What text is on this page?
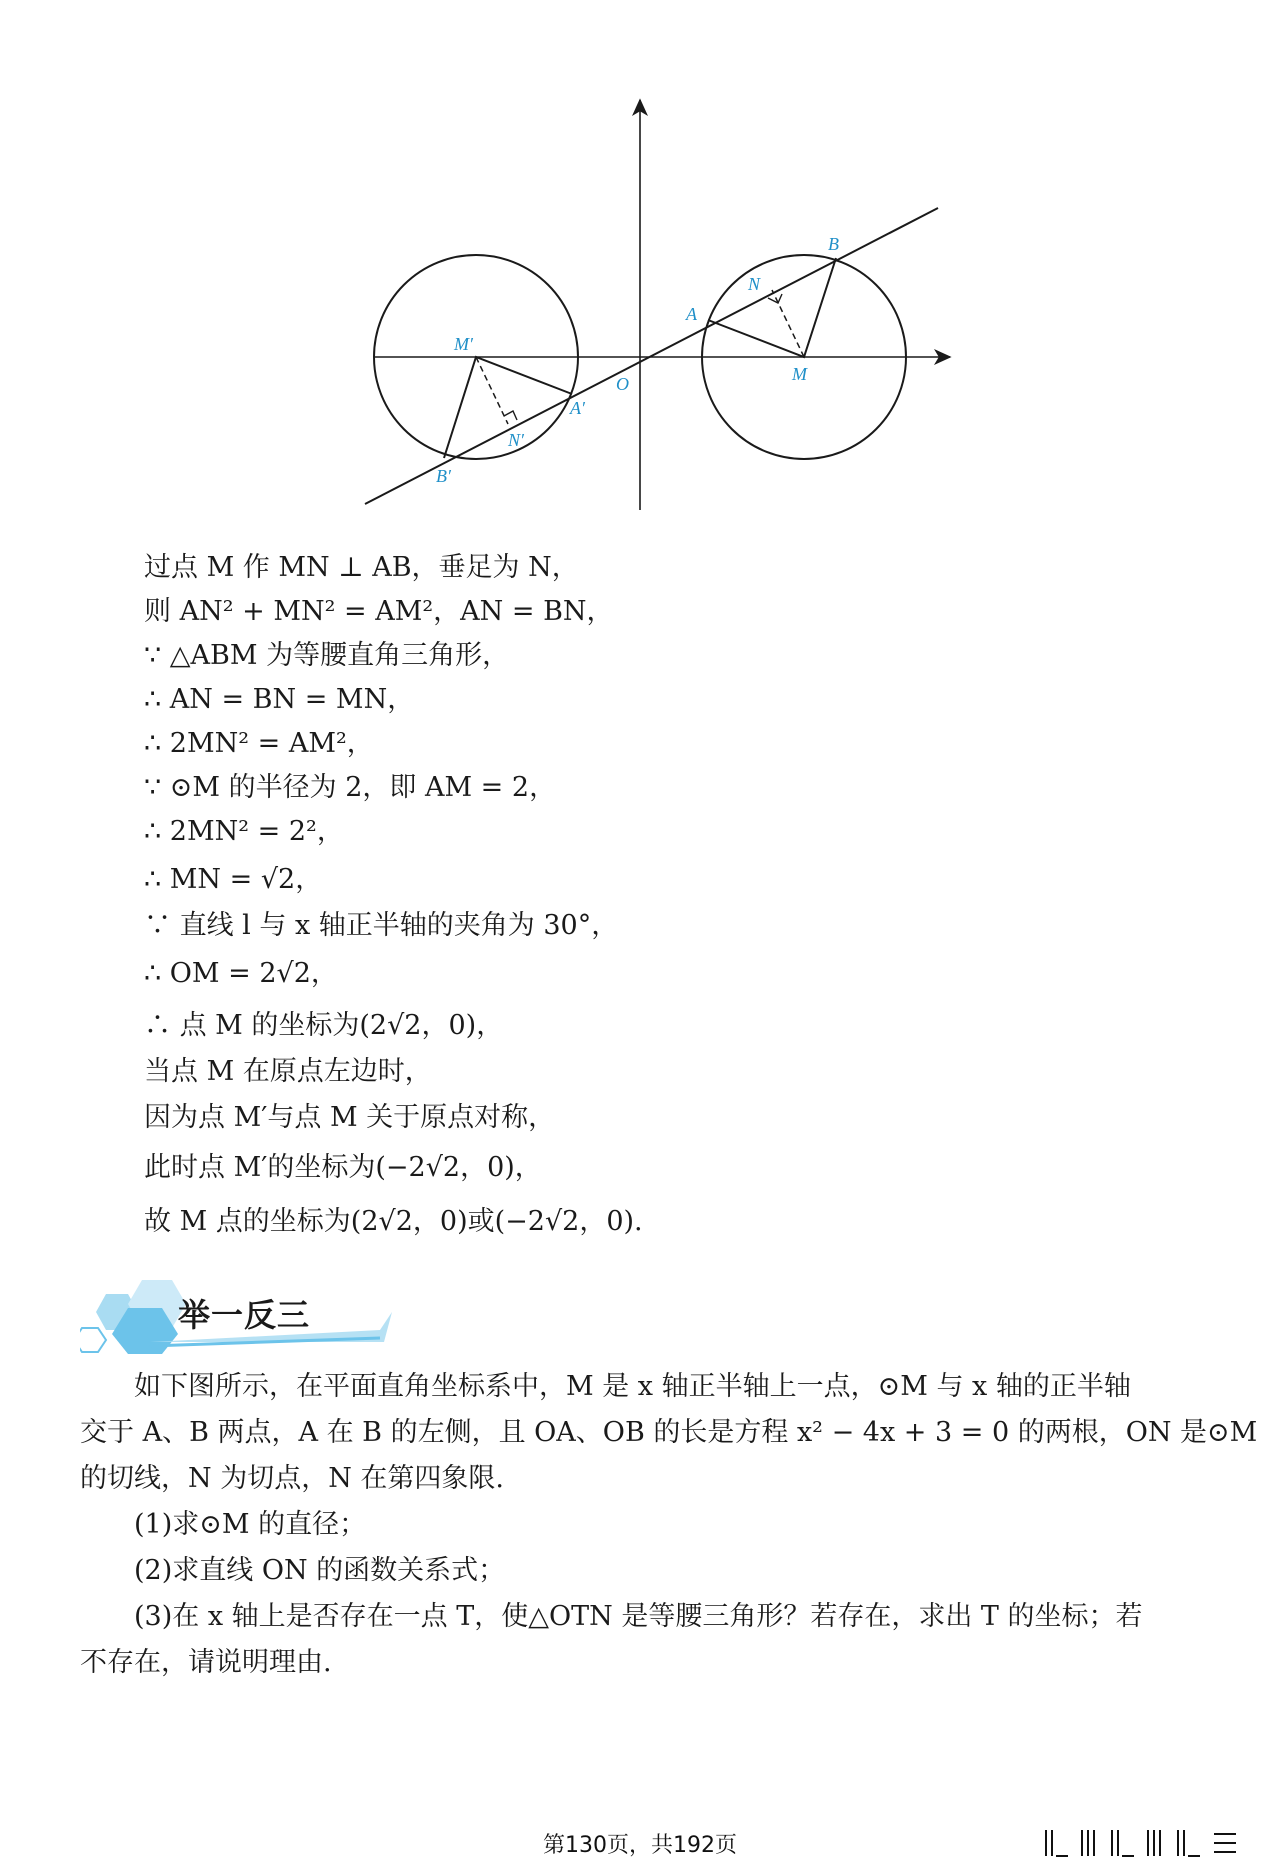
B
N
A
M
O
M′
A′
N′
B′
过点 M 作 MN ⊥ AB，垂足为 N，
则 AN² + MN² = AM²，AN = BN，
∵ △ABM 为等腰直角三角形，
∴ AN = BN = MN，
∴ 2MN² = AM²，
∵ ⊙M 的半径为 2，即 AM = 2，
∴ 2MN² = 2²，
∴ MN = √2，
∵ 直线 l 与 x 轴正半轴的夹角为 30°，
∴ OM = 2√2，
∴ 点 M 的坐标为(2√2，0)，
当点 M 在原点左边时，
因为点 M′与点 M 关于原点对称，
此时点 M′的坐标为(−2√2，0)，
故 M 点的坐标为(2√2，0)或(−2√2，0).
举一反三
　　如下图所示，在平面直角坐标系中，M 是 x 轴正半轴上一点，⊙M 与 x 轴的正半轴
交于 A、B 两点，A 在 B 的左侧，且 OA、OB 的长是方程 x² − 4x + 3 = 0 的两根，ON 是⊙M
的切线，N 为切点，N 在第四象限.
　　(1)求⊙M 的直径；
　　(2)求直线 ON 的函数关系式；
　　(3)在 x 轴上是否存在一点 T，使△OTN 是等腰三角形？若存在，求出 T 的坐标；若
不存在，请说明理由.
第130页，共192页
